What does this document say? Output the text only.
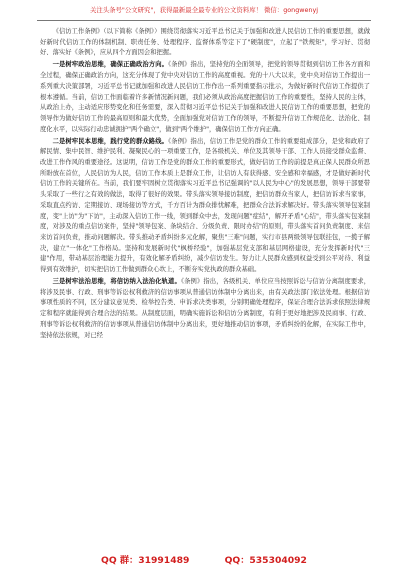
关注头条号"公文研究"，获得最新最全最专业的公文资料库！ 微信：gongwenyj

《信访工作条例》（以下简称《条例》）围绕贯彻落实习近平总书记关于加强和改进人民信访工作的重要思想，就做好新时代信访工作的体制机制、职责任务、处理程序、监督体系等定下了"硬制度"，立起了"铁规矩"，学习好、贯彻好、落实好《条例》，应从四个方面因会和把握。

一是树牢政治思维，确保正确政治方向。《条例》指出，坚持党的全面领导，把党的领导贯彻到信访工作各方面和全过程，确保正确政治方向，这充分体现了党中央对信访工作的高度重视。党的十八大以来，党中央对信访工作提出一系列重大决策部署，习近平总书记就加强和改进人民信访工作作出一系列重要指示批示，为做好新时代信访工作提供了根本遵循。当前，信访工作面临着许多新情况新问题，我们必须从政治高度把握信访工作的重要性，坚持人民的主体，从政治上办，主动适应形势变化和任务需要，深入贯彻习近平总书记关于加强和改进人民信访工作的重要思想，把党的领导作为做好信访工作的最高原则和最大优势，全面加强党对信访工作的领导，不断提升信访工作规范化、法治化、制度化水平，以实际行动忠诚拥护"两个确立"，做到"两个维护"，确保信访工作方向正确。

二是树牢民本思维，践行党的群众路线。《条例》指出，信访工作是党的群众工作的重要组成部分，是党和政府了解民情、集中民智、维护民利、凝聚民心的一项重要工作，是各级机关、单位及其领导干部、工作人员接受群众监督、改进工作作风的重要途径。这说明，信访工作是党的群众工作的重要形式，做好信访工作的前提是真正保人民群众所思所盼放在首位，人民信访为人民，信访工作本质上是群众工作，让信访人有获得感、安全感和幸福感，才是做好新时代信访工作的关键所在。当前，我们要牢固树立贯彻落实习近平总书记强调的"以人民为中心"的发展思想，领导干部要带头采取了一些行之有效的做法，取得了很好的效果。带头落实领导接访制度，把信访群众当家人，把信访诉求当家事，采取直点约访、定期接访、现场接访等方式，千方百计为群众排忧解难，把群众合法诉求解决好。带头落实领导包案制度，变"上访"为"下访"，主动深入信访工作一线，领到群众中去，发现问题"症结"，解开矛盾"心结"，带头落实包案制度，对涉及的重点信访案件，坚持"领导包案、条块结合、分级负责、限时办结"的原则，带头落实首问负责制度、来信来访首问负责，推动问题解决。带头推动矛盾纠纷多元化解，聚焦"三难"问题，实行市县两级领导包联挂包，一揽子解决，建立"一体化"工作格局。坚持和发展新时代"枫桥经验"，加强基层党支部和基层网格建设，充分发挥新时代"三建"作用，带动基层治理能力提升，有效化解矛盾纠纷，减少信访发生。努力让人民群众感到权益受到公平对待、利益得到有效维护，切实把信访工作做到群众心坎上，不断夯实党执政的群众基础。

三是树牢法治思维，将信访纳入法治化轨道。《条例》指出，各级机关、单位应当按照诉讼与信访分离制度要求，将涉及民事、行政、刑事等诉讼权利救济的信访事项从普通信访体制中分离出来，由有关政法部门依法处理。根据信访事项性质的不同，区分建议意见类、检举控告类、申诉求决类事项，分别明确处理程序，保证合理合法诉求依照法律规定和程序就能得到合理合法的结果。从制度层面，明确实施诉讼和信访分离制度，有利于更好地把涉及民商事、行政、刑事等诉讼权利救济的信访事项从普通信访体制中分离出来，更好地推动信访事项，矛盾纠纷的化解，在实际工作中，坚持依法依规，对已经

QQ 群：31991489	QQ：535304092
